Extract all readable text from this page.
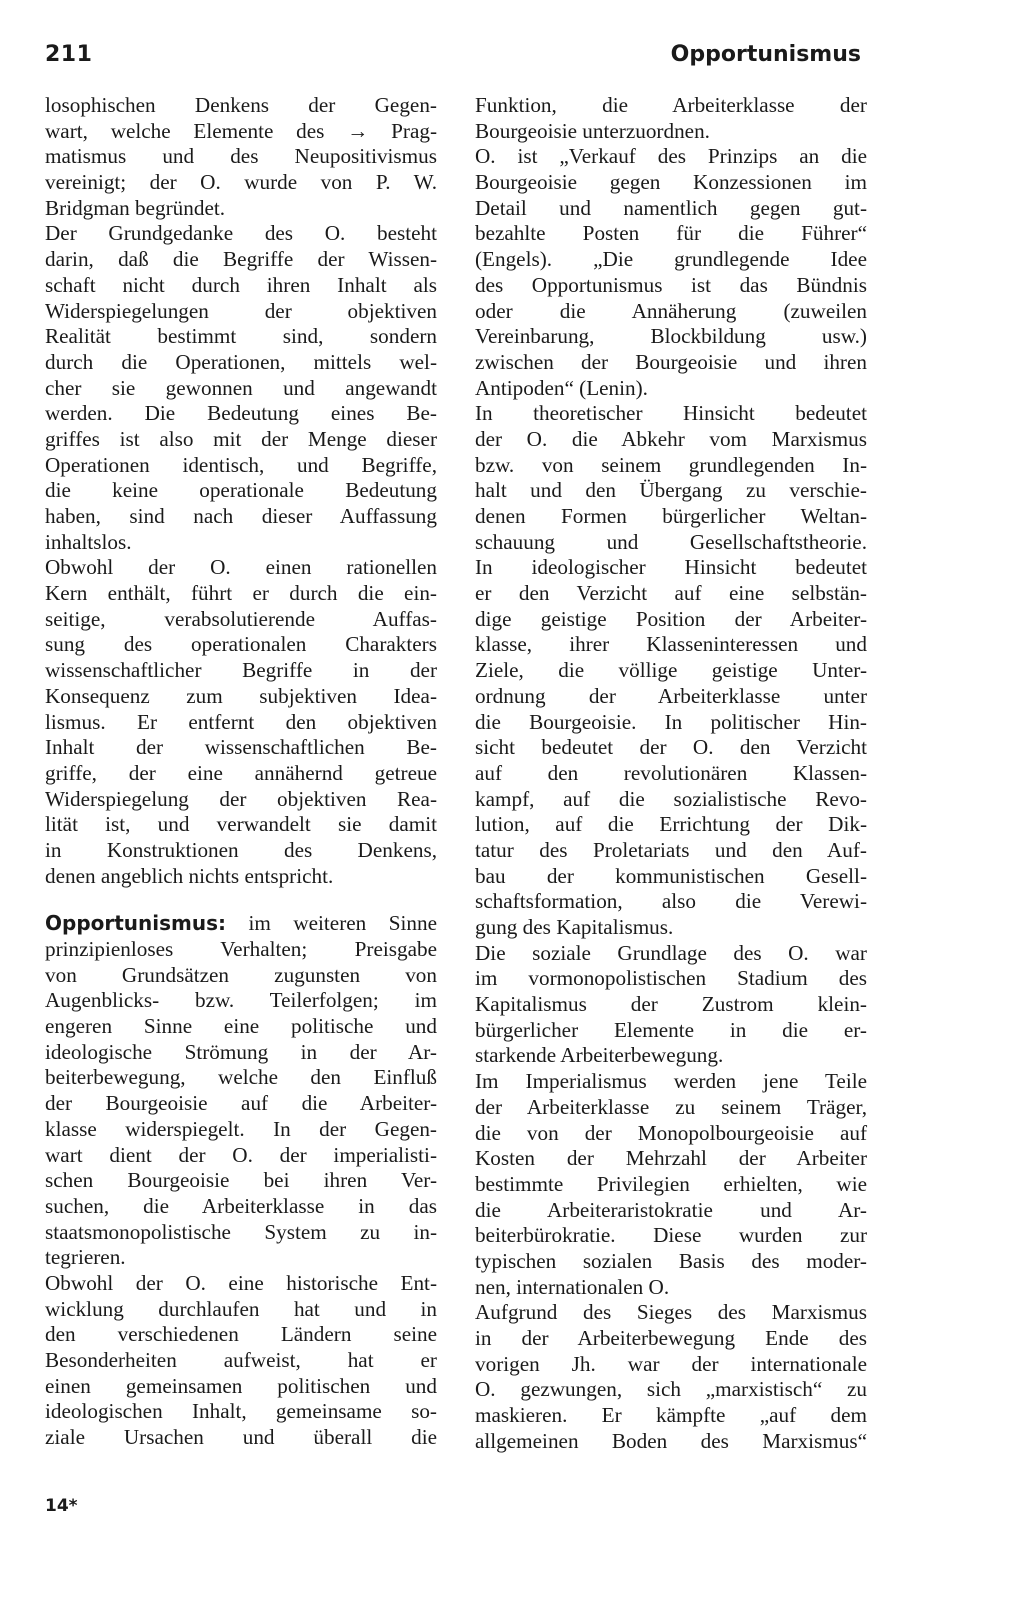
211	Opportunismus
losophischen Denkens der Gegen-
wart, welche Elemente des → Prag-
matismus und des Neupositivismus
vereinigt; der O. wurde von P. W.
Bridgman begründet.
Der Grundgedanke des O. besteht
darin, daß die Begriffe der Wissen-
schaft nicht durch ihren Inhalt als
Widerspiegelungen der objektiven
Realität bestimmt sind, sondern
durch die Operationen, mittels wel-
cher sie gewonnen und angewandt
werden. Die Bedeutung eines Be-
griffes ist also mit der Menge dieser
Operationen identisch, und Begriffe,
die keine operationale Bedeutung
haben, sind nach dieser Auffassung
inhaltslos.
Obwohl der O. einen rationellen
Kern enthält, führt er durch die ein-
seitige, verabsolutierende Auffas-
sung des operationalen Charakters
wissenschaftlicher Begriffe in der
Konsequenz zum subjektiven Idea-
lismus. Er entfernt den objektiven
Inhalt der wissenschaftlichen Be-
griffe, der eine annähernd getreue
Widerspiegelung der objektiven Rea-
lität ist, und verwandelt sie damit
in Konstruktionen des Denkens,
denen angeblich nichts entspricht.
Opportunismus: im weiteren Sinne
prinzipienloses Verhalten; Preisgabe
von Grundsätzen zugunsten von
Augenblicks- bzw. Teilerfolgen; im
engeren Sinne eine politische und
ideologische Strömung in der Ar-
beiterbewegung, welche den Einfluß
der Bourgeoisie auf die Arbeiter-
klasse widerspiegelt. In der Gegen-
wart dient der O. der imperialisti-
schen Bourgeoisie bei ihren Ver-
suchen, die Arbeiterklasse in das
staatsmonopolistische System zu in-
tegrieren.
Obwohl der O. eine historische Ent-
wicklung durchlaufen hat und in
den verschiedenen Ländern seine
Besonderheiten aufweist, hat er
einen gemeinsamen politischen und
ideologischen Inhalt, gemeinsame so-
ziale Ursachen und überall die
Funktion, die Arbeiterklasse der
Bourgeoisie unterzuordnen.
O. ist „Verkauf des Prinzips an die
Bourgeoisie gegen Konzessionen im
Detail und namentlich gegen gut-
bezahlte Posten für die Führer“
(Engels). „Die grundlegende Idee
des Opportunismus ist das Bündnis
oder die Annäherung (zuweilen
Vereinbarung, Blockbildung usw.)
zwischen der Bourgeoisie und ihren
Antipoden“ (Lenin).
In theoretischer Hinsicht bedeutet
der O. die Abkehr vom Marxismus
bzw. von seinem grundlegenden In-
halt und den Übergang zu verschie-
denen Formen bürgerlicher Weltan-
schauung und Gesellschaftstheorie.
In ideologischer Hinsicht bedeutet
er den Verzicht auf eine selbstän-
dige geistige Position der Arbeiter-
klasse, ihrer Klasseninteressen und
Ziele, die völlige geistige Unter-
ordnung der Arbeiterklasse unter
die Bourgeoisie. In politischer Hin-
sicht bedeutet der O. den Verzicht
auf den revolutionären Klassen-
kampf, auf die sozialistische Revo-
lution, auf die Errichtung der Dik-
tatur des Proletariats und den Auf-
bau der kommunistischen Gesell-
schaftsformation, also die Verewi-
gung des Kapitalismus.
Die soziale Grundlage des O. war
im vormonopolistischen Stadium des
Kapitalismus der Zustrom klein-
bürgerlicher Elemente in die er-
starkende Arbeiterbewegung.
Im Imperialismus werden jene Teile
der Arbeiterklasse zu seinem Träger,
die von der Monopolbourgeoisie auf
Kosten der Mehrzahl der Arbeiter
bestimmte Privilegien erhielten, wie
die Arbeiteraristokratie und Ar-
beiterbürokratie. Diese wurden zur
typischen sozialen Basis des moder-
nen, internationalen O.
Aufgrund des Sieges des Marxismus
in der Arbeiterbewegung Ende des
vorigen Jh. war der internationale
O. gezwungen, sich „marxistisch“ zu
maskieren. Er kämpfte „auf dem
allgemeinen Boden des Marxismus“
14*
